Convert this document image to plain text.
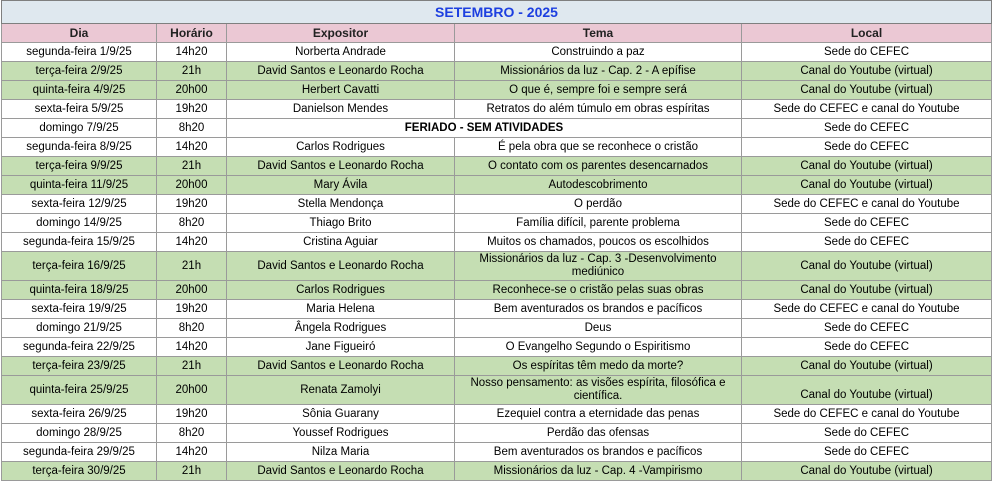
SETEMBRO - 2025				
Dia	Horário	Expositor	Tema	Local
segunda-feira 1/9/25	14h20	Norberta Andrade	Construindo a paz	Sede do CEFEC
terça-feira 2/9/25	21h	David Santos e Leonardo Rocha	Missionários da luz - Cap. 2 - A epífise	Canal do Youtube (virtual)
quinta-feira 4/9/25	20h00	Herbert Cavatti	O que é, sempre foi e sempre será	Canal do Youtube (virtual)
sexta-feira 5/9/25	19h20	Danielson Mendes	Retratos do além túmulo em obras espíritas	Sede do CEFEC e canal do Youtube
domingo 7/9/25	8h20	FERIADO - SEM ATIVIDADES		Sede do CEFEC
segunda-feira 8/9/25	14h20	Carlos Rodrigues	É pela obra que se reconhece o cristão	Sede do CEFEC
terça-feira 9/9/25	21h	David Santos e Leonardo Rocha	O contato com os parentes desencarnados	Canal do Youtube (virtual)
quinta-feira 11/9/25	20h00	Mary Ávila	Autodescobrimento	Canal do Youtube (virtual)
sexta-feira 12/9/25	19h20	Stella Mendonça	O perdão	Sede do CEFEC e canal do Youtube
domingo 14/9/25	8h20	Thiago Brito	Família difícil, parente problema	Sede do CEFEC
segunda-feira 15/9/25	14h20	Cristina Aguiar	Muitos os chamados, poucos os escolhidos	Sede do CEFEC
terça-feira 16/9/25	21h	David Santos e Leonardo Rocha	Missionários da luz - Cap. 3 -Desenvolvimento mediúnico	Canal do Youtube (virtual)
quinta-feira 18/9/25	20h00	Carlos Rodrigues	Reconhece-se o cristão pelas suas obras	Canal do Youtube (virtual)
sexta-feira 19/9/25	19h20	Maria Helena	Bem aventurados os brandos e pacíficos	Sede do CEFEC e canal do Youtube
domingo 21/9/25	8h20	Ângela Rodrigues	Deus	Sede do CEFEC
segunda-feira 22/9/25	14h20	Jane Figueiró	O Evangelho Segundo o Espiritismo	Sede do CEFEC
terça-feira 23/9/25	21h	David Santos e Leonardo Rocha	Os espíritas têm medo da morte?	Canal do Youtube (virtual)
quinta-feira 25/9/25	20h00	Renata Zamolyi	Nosso pensamento: as visões espírita, filosófica e científica.	Canal do Youtube (virtual)
sexta-feira 26/9/25	19h20	Sônia Guarany	Ezequiel contra a eternidade das penas	Sede do CEFEC e canal do Youtube
domingo 28/9/25	8h20	Youssef Rodrigues	Perdão das ofensas	Sede do CEFEC
segunda-feira 29/9/25	14h20	Nilza Maria	Bem aventurados os brandos e pacíficos	Sede do CEFEC
terça-feira 30/9/25	21h	David Santos e Leonardo Rocha	Missionários da luz - Cap. 4 -Vampirismo	Canal do Youtube (virtual)
